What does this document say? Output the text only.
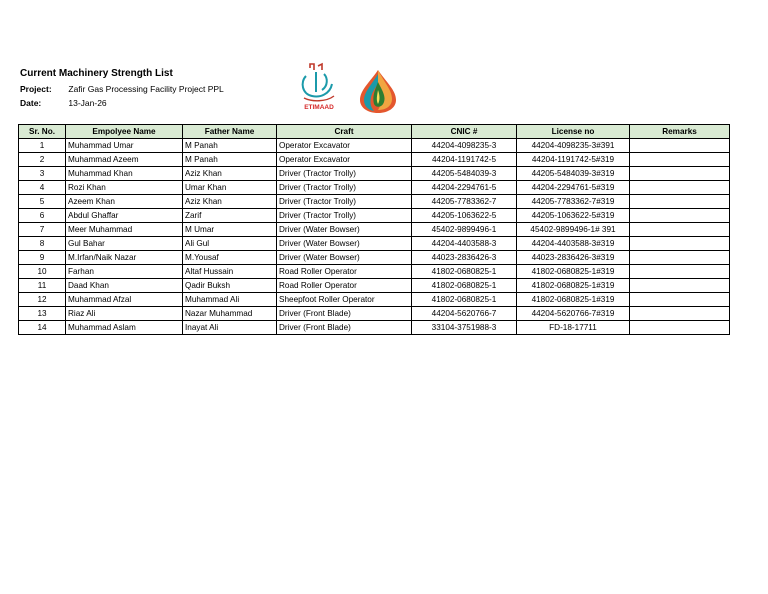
Current Machinery Strength List
Project: Zafir Gas Processing Facility Project PPL
Date:	13-Jan-26	ETIMAAD
Sr. No.	Empolyee Name	Father Name	Craft	CNIC #	License no	Remarks
1	Muhammad Umar	M Panah	Operator Excavator	44204-4098235-3	44204-4098235-3#391	
2	Muhammad Azeem	M Panah	Operator Excavator	44204-1191742-5	44204-1191742-5#319	
3	Muhammad Khan	Aziz Khan	Driver (Tractor Trolly)	44205-5484039-3	44205-5484039-3#319	
4	Rozi Khan	Umar Khan	Driver (Tractor Trolly)	44204-2294761-5	44204-2294761-5#319	
5	Azeem Khan	Aziz Khan	Driver (Tractor Trolly)	44205-7783362-7	44205-7783362-7#319	
6	Abdul Ghaffar	Zarif	Driver (Tractor Trolly)	44205-1063622-5	44205-1063622-5#319	
7	Meer Muhammad	M Umar	Driver (Water Bowser)	45402-9899496-1	45402-9899496-1# 391	
8	Gul Bahar	Ali Gul	Driver (Water Bowser)	44204-4403588-3	44204-4403588-3#319	
9	M.Irfan/Naik Nazar	M.Yousaf	Driver (Water Bowser)	44023-2836426-3	44023-2836426-3#319	
10	Farhan	Altaf Hussain	Road Roller Operator	41802-0680825-1	41802-0680825-1#319	
11	Daad Khan	Qadir Buksh	Road Roller Operator	41802-0680825-1	41802-0680825-1#319	
12	Muhammad Afzal	Muhammad Ali	Sheepfoot Roller Operator	41802-0680825-1	41802-0680825-1#319	
13	Riaz Ali	Nazar Muhammad	Driver (Front Blade)	44204-5620766-7	44204-5620766-7#319	
14	Muhammad Aslam	Inayat Ali	Driver (Front Blade)	33104-3751988-3	FD-18-17711	
